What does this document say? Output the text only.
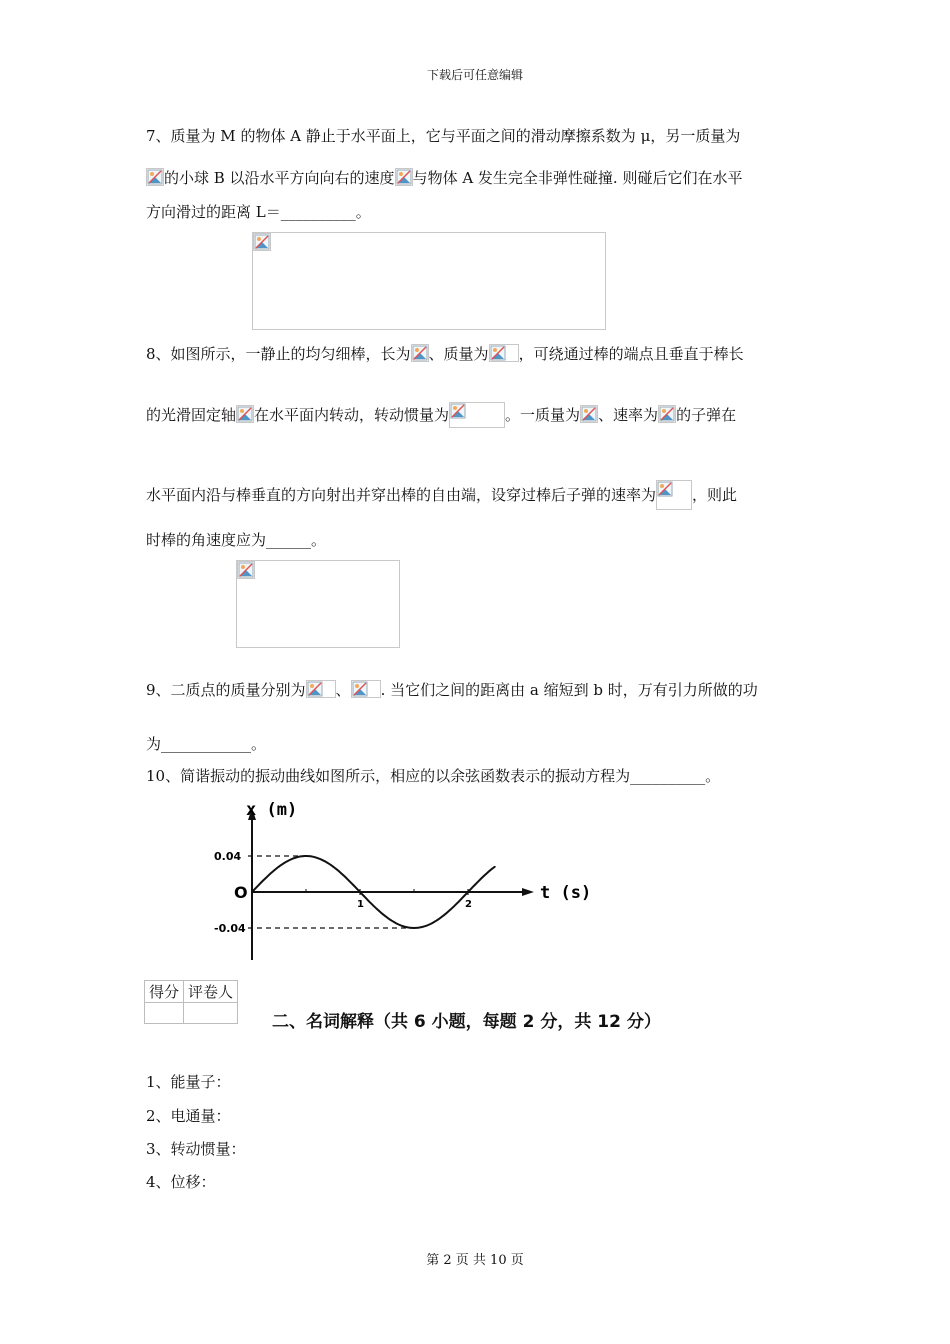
下载后可任意编辑
7、质量为 M 的物体 A 静止于水平面上，它与平面之间的滑动摩擦系数为 μ，另一质量为
的小球 B 以沿水平方向向右的速度 与物体 A 发生完全非弹性碰撞. 则碰后它们在水平
方向滑过的距离 L＝__________。
8、如图所示，一静止的均匀细棒，长为 、质量为 ，可绕通过棒的端点且垂直于棒长
的光滑固定轴 在水平面内转动，转动惯量为	。一质量为 、速率为 的子弹在
水平面内沿与棒垂直的方向射出并穿出棒的自由端，设穿过棒后子弹的速率为 ，则此
时棒的角速度应为______。
9、二质点的质量分别为 、 . 当它们之间的距离由 a 缩短到 b 时，万有引力所做的功
为____________。
10、简谐振动的振动曲线如图所示，相应的以余弦函数表示的振动方程为__________。
x (m)
t (s)
O
0.04
-0.04
1	2
得分	评卷人

二、名词解释（共 6 小题，每题 2 分，共 12 分）
1、能量子：
2、电通量：
3、转动惯量：
4、位移：
第 2 页 共 10 页
